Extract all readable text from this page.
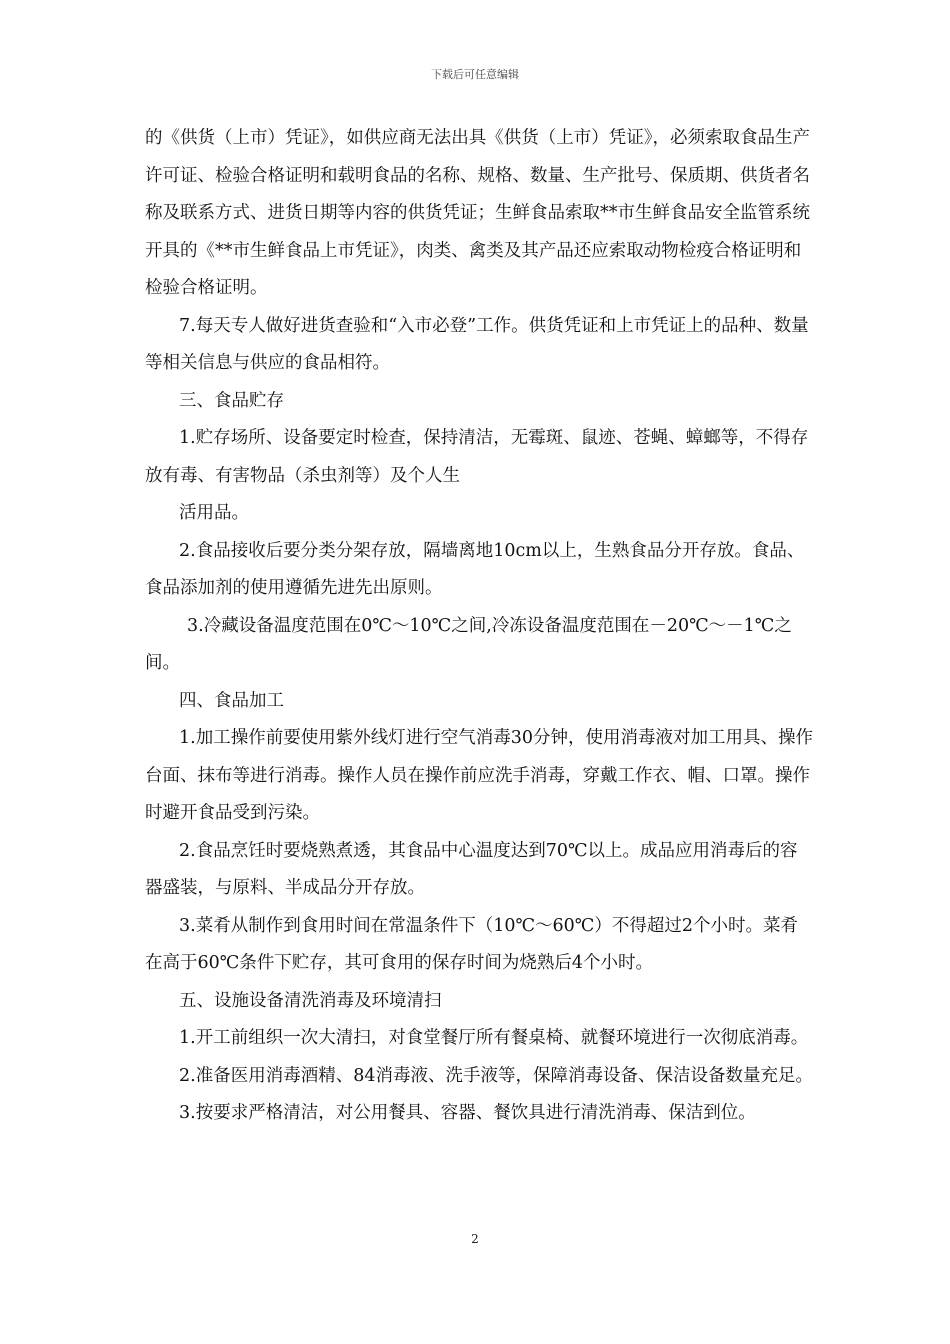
下载后可任意编辑

的《供货（上市）凭证》，如供应商无法出具《供货（上市）凭证》，必须索取食品生产许可证、检验合格证明和载明食品的名称、规格、数量、生产批号、保质期、供货者名称及联系方式、进货日期等内容的供货凭证；生鲜食品索取**市生鲜食品安全监管系统开具的《**市生鲜食品上市凭证》，肉类、禽类及其产品还应索取动物检疫合格证明和检验合格证明。

7.每天专人做好进货查验和“入市必登”工作。供货凭证和上市凭证上的品种、数量等相关信息与供应的食品相符。

三、食品贮存

1.贮存场所、设备要定时检查，保持清洁，无霉斑、鼠迹、苍蝇、蟑螂等，不得存放有毒、有害物品（杀虫剂等）及个人生

活用品。

2.食品接收后要分类分架存放，隔墙离地10cm以上，生熟食品分开存放。食品、食品添加剂的使用遵循先进先出原则。

3.冷藏设备温度范围在0℃～10℃之间,冷冻设备温度范围在－20℃～－1℃之间。

四、食品加工

1.加工操作前要使用紫外线灯进行空气消毒30分钟，使用消毒液对加工用具、操作台面、抹布等进行消毒。操作人员在操作前应洗手消毒，穿戴工作衣、帽、口罩。操作时避开食品受到污染。

2.食品烹饪时要烧熟煮透，其食品中心温度达到70℃以上。成品应用消毒后的容器盛装，与原料、半成品分开存放。

3.菜肴从制作到食用时间在常温条件下（10℃～60℃）不得超过2个小时。菜肴在高于60℃条件下贮存，其可食用的保存时间为烧熟后4个小时。

五、设施设备清洗消毒及环境清扫

1.开工前组织一次大清扫，对食堂餐厅所有餐桌椅、就餐环境进行一次彻底消毒。

2.准备医用消毒酒精、84消毒液、洗手液等，保障消毒设备、保洁设备数量充足。

3.按要求严格清洁，对公用餐具、容器、餐饮具进行清洗消毒、保洁到位。

2
